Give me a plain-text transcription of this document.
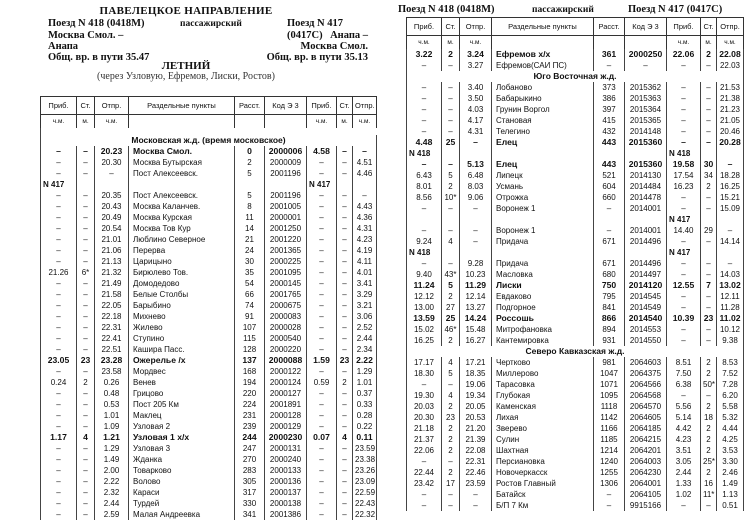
ПАВЕЛЕЦКОЕ НАПРАВЛЕНИЕ
Поезд N 418 (0418М)	пассажирский	Поезд N 417 (0417С)
Москва Смол. –	Анапа –
Анапа	Москва Смол.
Общ. вр. в пути 35.47	Общ. вр. в пути 35.13
ЛЕТНИЙ
(через Узловую, Ефремов, Лиски, Ростов)
Приб.	Ст.	Отпр.	Раздельные пункты	Расст.	Код Э 3	Приб.	Ст.	Отпр.
ч.м.	м.	ч.м.				ч.м.	м.	ч.м.

Московская ж.д. (время московское)								
–	–	20.23	Москва Смол.	0	2000006	4.58	–	–
–	–	20.30	Москва Бутырская	2	2000009	–	–	4.51
–	–	–	Пост Алексеевск.	5	2001196	–	–	4.46
N 417						N 417		
–	–	20.35	Пост Алексеевск.	5	2001196	–	–	–
–	–	20.43	Москва Каланчев.	8	2001005	–	–	4.43
–	–	20.49	Москва Курская	11	2000001	–	–	4.36
–	–	20.54	Москва Тов Кур	14	2001250	–	–	4.31
–	–	21.01	Люблино Северное	21	2001220	–	–	4.23
–	–	21.06	Перерва	24	2001365	–	–	4.19
–	–	21.13	Царицыно	30	2000225	–	–	4.11
21.26	6*	21.32	Бирюлево Тов.	35	2001095	–	–	4.01
–	–	21.49	Домодедово	54	2000145	–	–	3.41
–	–	21.58	Белые Столбы	66	2001765	–	–	3.29
–	–	22.05	Барыбино	74	2000675	–	–	3.21
–	–	22.18	Михнево	91	2000083	–	–	3.06
–	–	22.31	Жилево	107	2000028	–	–	2.52
–	–	22.41	Ступино	115	2000540	–	–	2.44
–	–	22.51	Кашира Пасс.	128	2000220	–	–	2.34
23.05	23	23.28	Ожерелье /х	137	2000088	1.59	23	2.22
–	–	23.58	Мордвес	168	2000122	–	–	1.29
0.24	2	0.26	Венев	194	2000124	0.59	2	1.01
–	–	0.48	Грицово	220	2000127	–	–	0.37
–	–	0.53	Пост 205 Км	224	2001891	–	–	0.33
–	–	1.01	Маклец	231	2000128	–	–	0.28
–	–	1.09	Узловая 2	239	2000129	–	–	0.22
1.17	4	1.21	Узловая 1 х/х	244	2000230	0.07	4	0.11
–	–	1.29	Узловая 3	247	2000131	–	–	23.59
–	–	1.49	Жданка	270	2000240	–	–	23.38
–	–	2.00	Товарково	283	2000133	–	–	23.26
–	–	2.22	Волово	305	2000136	–	–	23.09
–	–	2.32	Караси	317	2000137	–	–	22.59
–	–	2.44	Турдей	330	2000138	–	–	22.43
–	–	2.59	Малая Андреевка	341	2001386	–	–	22.32
Поезд N 418 (0418М)	пассажирский	Поезд N 417 (0417С)
Приб.	Ст.	Отпр.	Раздельные пункты	Расст.	Код Э 3	Приб.	Ст.	Отпр.
ч.м.	м.	ч.м.				ч.м.	м.	ч.м.
3.22	2	3.24	Ефремов х/х	361	2000250	22.06	2	22.08
–	–	3.27	Ефремов(САИ ПС)	–	–	–	–	22.03
Юго Восточная ж.д.								
–	–	3.40	Лобаново	373	2015362	–	–	21.53
–	–	3.50	Бабарыкино	386	2015363	–	–	21.38
–	–	4.03	Грунин Воргол	397	2015364	–	–	21.23
–	–	4.17	Становая	415	2015365	–	–	21.05
–	–	4.31	Телегино	432	2014148	–	–	20.46
4.48	25	–	Елец	443	2015360	–	–	20.28
N 418						N 418		
–	–	5.13	Елец	443	2015360	19.58	30	–
6.43	5	6.48	Липецк	521	2014130	17.54	34	18.28
8.01	2	8.03	Усмань	604	2014484	16.23	2	16.25
8.56	10*	9.06	Отрожка	660	2014478	–	–	15.21
–	–	–	Воронеж 1	–	2014001	–	–	15.09
						N 417		
–	–	–	Воронеж 1	–	2014001	14.40	29	–
9.24	4	–	Придача	671	2014496	–	–	14.14
N 418						N 417		
–	–	9.28	Придача	671	2014496	–	–	–
9.40	43*	10.23	Масловка	680	2014497	–	–	14.03
11.24	5	11.29	Лиски	750	2014120	12.55	7	13.02
12.12	2	12.14	Евдаково	795	2014545	–	–	12.11
13.00	27	13.27	Подгорное	841	2014549	–	–	11.28
13.59	25	14.24	Россошь	866	2014540	10.39	23	11.02
15.02	46*	15.48	Митрофановка	894	2014553	–	–	10.12
16.25	2	16.27	Кантемировка	931	2014550	–	–	9.38
Северо Кавказская ж.д.								
17.17	4	17.21	Чертково	981	2064603	8.51	2	8.53
18.30	5	18.35	Миллерово	1047	2064375	7.50	2	7.52
–	–	19.06	Тарасовка	1071	2064566	6.38	50*	7.28
19.30	4	19.34	Глубокая	1095	2064568	–	–	6.20
20.03	2	20.05	Каменская	1118	2064570	5.56	2	5.58
20.30	23	20.53	Лихая	1142	2064605	5.14	18	5.32
21.18	2	21.20	Зверево	1166	2064185	4.42	2	4.44
21.37	2	21.39	Сулин	1185	2064215	4.23	2	4.25
22.06	2	22.08	Шахтная	1214	2064201	3.51	2	3.53
–	–	22.31	Персиановка	1240	2064003	3.05	25*	3.30
22.44	2	22.46	Новочеркасск	1255	2064230	2.44	2	2.46
23.42	17	23.59	Ростов Главный	1306	2064001	1.33	16	1.49
–	–	–	Батайск	–	2064105	1.02	11*	1.13
–	–	–	Б/П 7 Км	–	9915166	–	–	0.51
